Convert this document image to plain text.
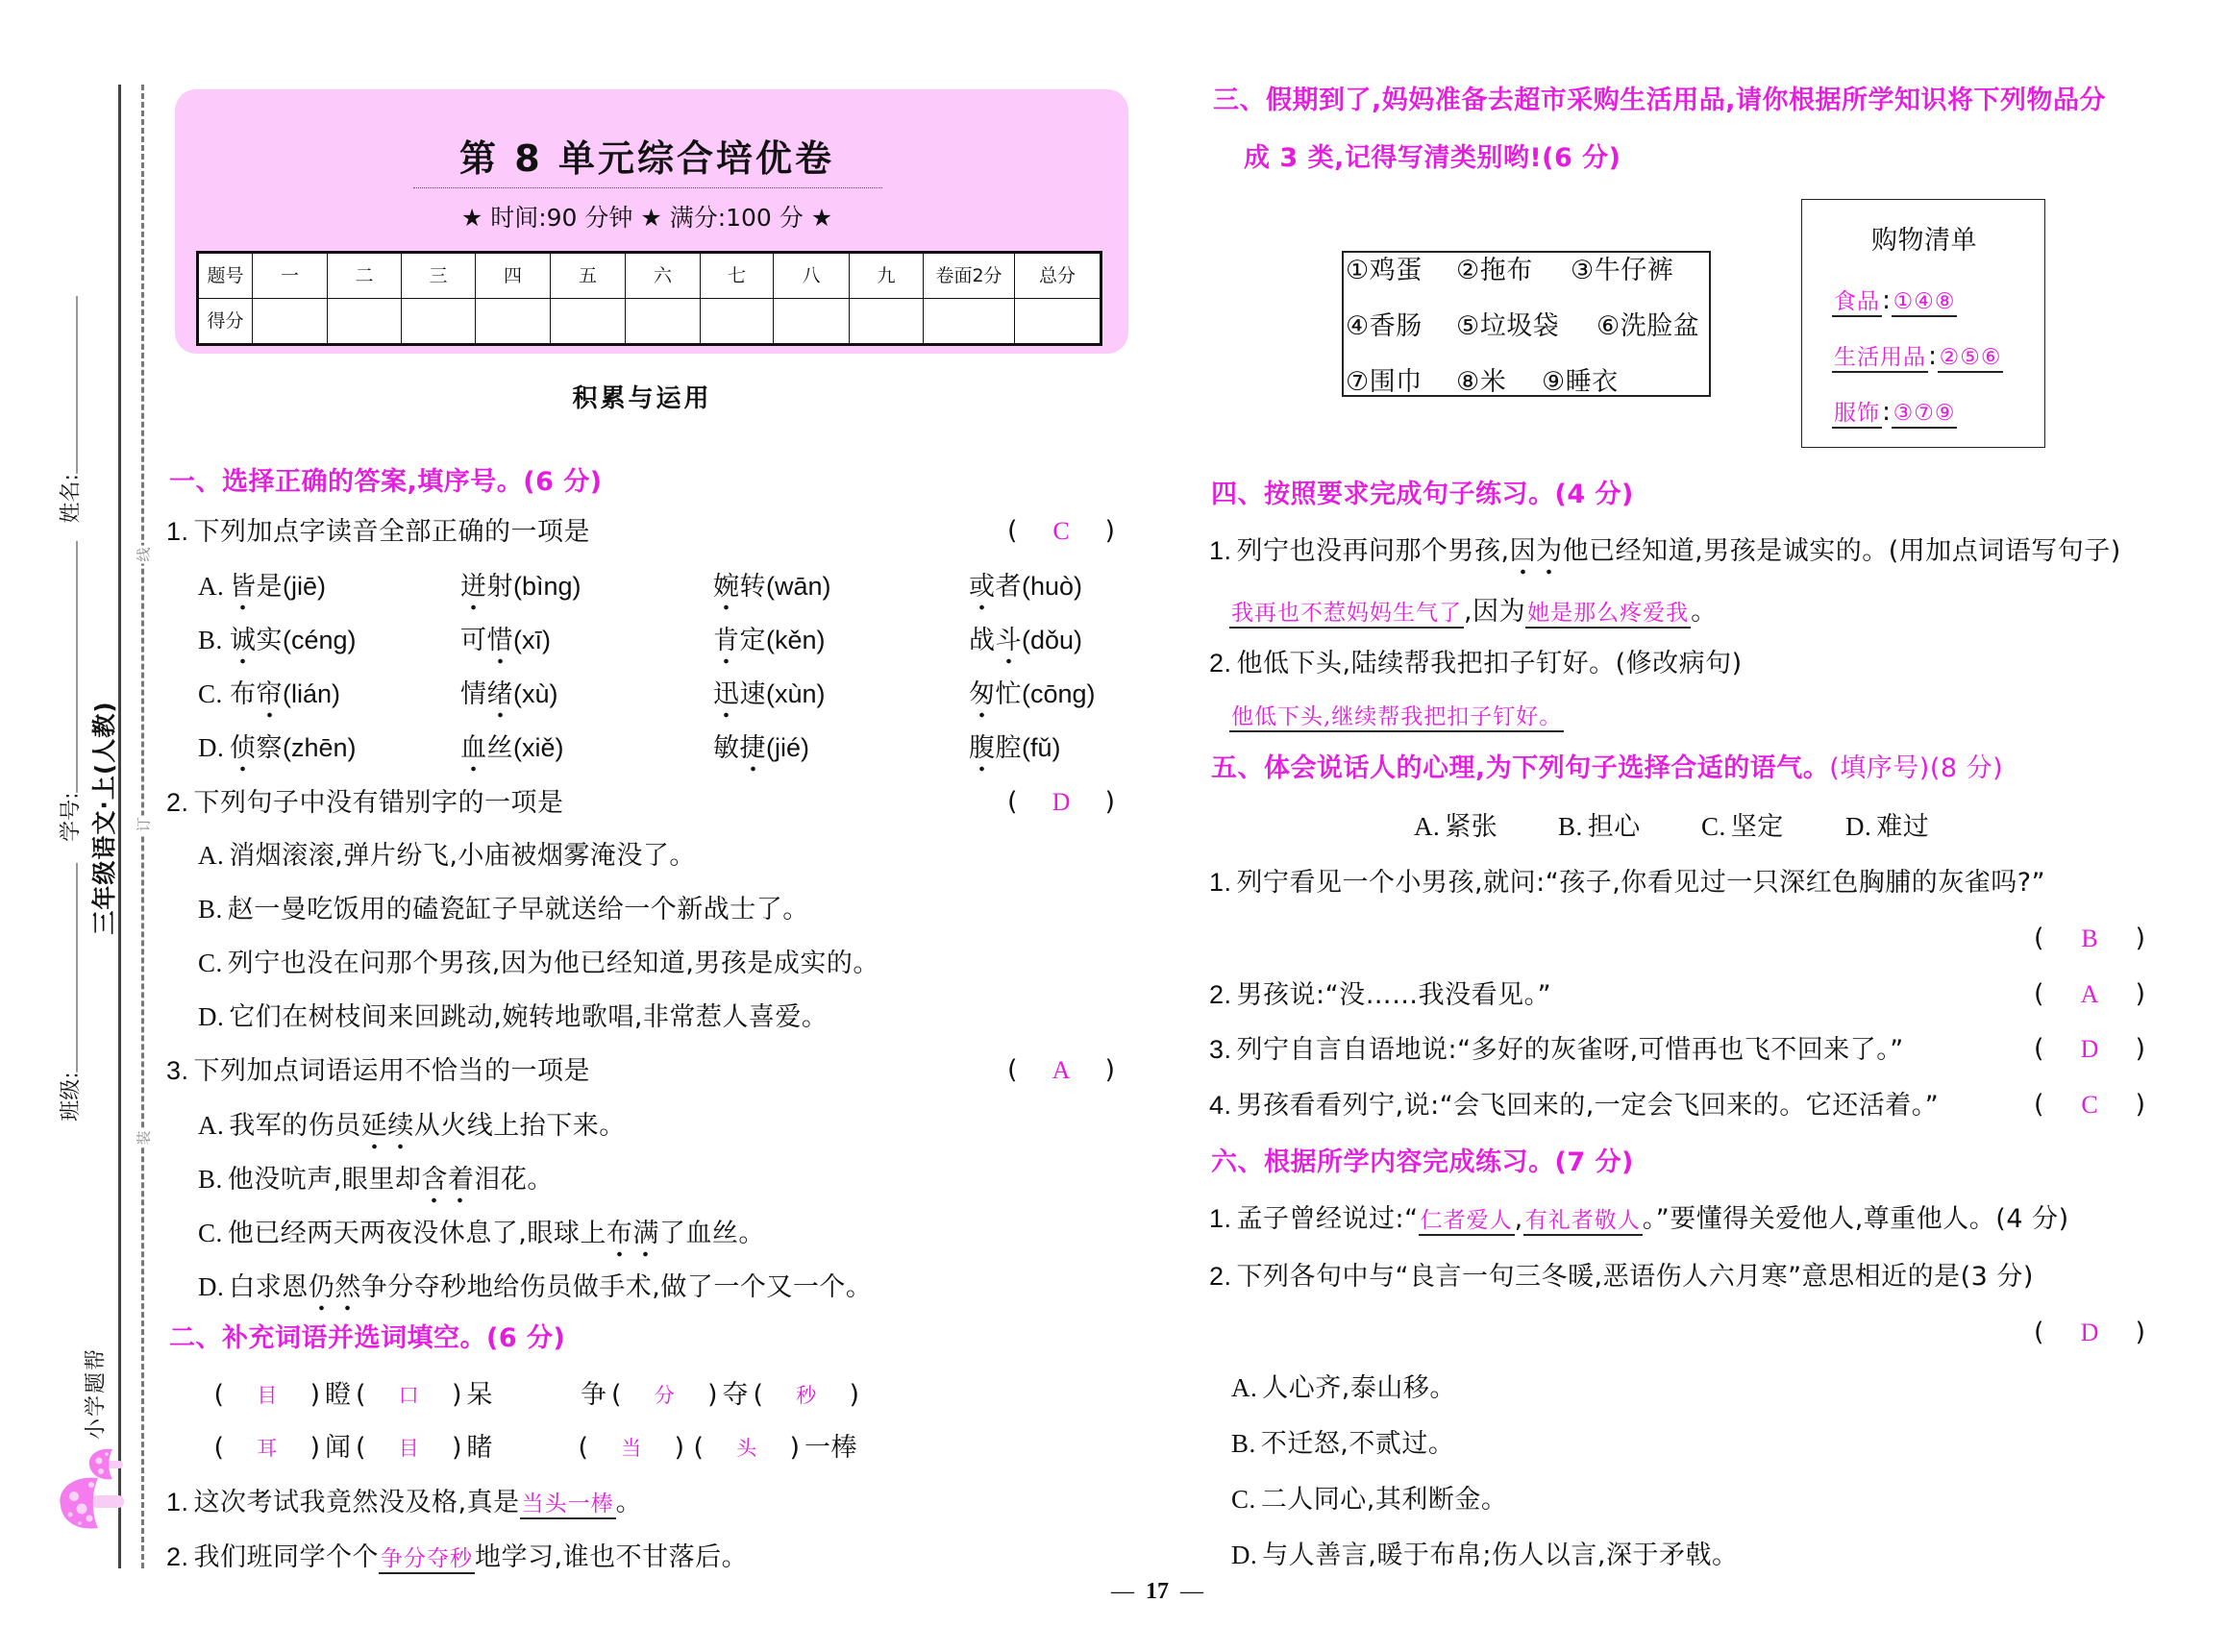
学号:姓名:
班级:
三年级语文·上(人教)
小学题帮
线
订
装
第 8 单元综合培优卷
★ 时间:90 分钟 ★ 满分:100 分 ★
题号	一	二	三	四	五	六	七	八	九	卷面2分	总分
得分											
积累与运用
一、选择正确的答案,填序号。(6 分)
1. 下列加点字读音全部正确的一项是	( C )
A. 皆是(jiē)	迸射(bìng)	婉转(wān)	或者(huò)
B. 诚实(céng)	可惜(xī)	肯定(kěn)	战斗(dǒu)
C. 布帘(lián)	情绪(xù)	迅速(xùn)	匆忙(cōng)
D. 侦察(zhēn)	血丝(xiě)	敏捷(jié)	腹腔(fǔ)
2. 下列句子中没有错别字的一项是	( D )
A. 消烟滚滚,弹片纷飞,小庙被烟雾淹没了。
B. 赵一曼吃饭用的磕瓷缸子早就送给一个新战士了。
C. 列宁也没在问那个男孩,因为他已经知道,男孩是成实的。
D. 它们在树枝间来回跳动,婉转地歌唱,非常惹人喜爱。
3. 下列加点词语运用不恰当的一项是	( A )
A. 我军的伤员延续从火线上抬下来。
B. 他没吭声,眼里却含着泪花。
C. 他已经两天两夜没休息了,眼球上布满了血丝。
D. 白求恩仍然争分夺秒地给伤员做手术,做了一个又一个。
二、补充词语并选词填空。(6 分)
(	目	) 瞪 (	口	) 呆	争 (	分	) 夺 (	秒	)
(	耳	) 闻 (	目	) 睹	(	当	) (	头	) 一棒
1. 这次考试我竟然没及格,真是当头一棒。
2. 我们班同学个个争分夺秒地学习,谁也不甘落后。
三、假期到了,妈妈准备去超市采购生活用品,请你根据所学知识将下列物品分
成 3 类,记得写清类别哟!(6 分)
①鸡蛋 ②拖布 ③牛仔裤
④香肠 ⑤垃圾袋 ⑥洗脸盆
⑦围巾 ⑧米 ⑨睡衣
购物清单
食品:①④⑧
生活用品:②⑤⑥
服饰:③⑦⑨
四、按照要求完成句子练习。(4 分)
1. 列宁也没再问那个男孩,因为他已经知道,男孩是诚实的。(用加点词语写句子)
我再也不惹妈妈生气了,因为她是那么疼爱我。
2. 他低下头,陆续帮我把扣子钉好。(修改病句)
他低下头,继续帮我把扣子钉好。
五、体会说话人的心理,为下列句子选择合适的语气。(填序号)(8 分)
A. 紧张 B. 担心 C. 坚定 D. 难过
1. 列宁看见一个小男孩,就问:“孩子,你看见过一只深红色胸脯的灰雀吗?”
( B )
2. 男孩说:“没……我没看见。”	( A )
3. 列宁自言自语地说:“多好的灰雀呀,可惜再也飞不回来了。”	( D )
4. 男孩看看列宁,说:“会飞回来的,一定会飞回来的。它还活着。”	( C )
六、根据所学内容完成练习。(7 分)
1. 孟子曾经说过:“仁者爱人,有礼者敬人。”要懂得关爱他人,尊重他人。(4 分)
2. 下列各句中与“良言一句三冬暖,恶语伤人六月寒”意思相近的是(3 分)
( D )
A. 人心齐,泰山移。
B. 不迁怒,不贰过。
C. 二人同心,其利断金。
D. 与人善言,暖于布帛;伤人以言,深于矛戟。
— 17 —
